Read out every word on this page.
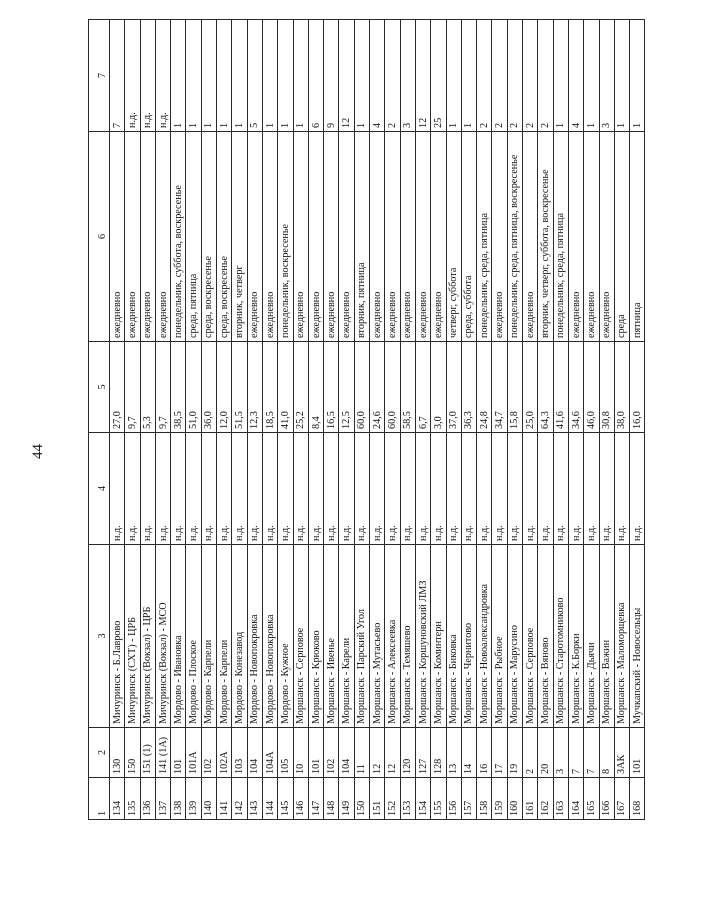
44
1	2	3	4	5	6	7
134	130	Мичуринск - Б.Лаврово	н.д.	27,0	ежедневно	7
135	150	Мичуринск (СХТ) - ЦРБ	н.д.	9,7	ежедневно	н.д.
136	151 (1)	Мичуринск (Вокзал) - ЦРБ	н.д.	5,3	ежедневно	н.д.
137	141 (1А)	Мичуринск (Вокзал) - МСО	н.д.	9,7	ежедневно	н.д.
138	101	Мордово - Ивановка	н.д.	38,5	понедельник, суббота, воскресенье	1
139	101А	Мордово - Плоское	н.д.	51,0	среда, пятница	1
140	102	Мордово - Карпели	н.д.	36,0	среда, воскресенье	1
141	102А	Мордово - Карпели	н.д.	12,0	среда, воскресенье	1
142	103	Мордово - Конезавод	н.д.	51,5	вторник, четверг	1
143	104	Мордово - Новопокровка	н.д.	12,3	ежедневно	5
144	104А	Мордово - Новопокровка	н.д.	18,5	ежедневно	1
145	105	Мордово - Кужное	н.д.	41,0	понедельник, воскресенье	1
146	10	Моршанск - Серповое	н.д.	25,2	ежедневно	1
147	101	Моршанск - Крюково	н.д.	8,4	ежедневно	6
148	102	Моршанск - Ивенье	н.д.	16,5	ежедневно	9
149	104	Моршанск - Карели	н.д.	12,5	ежедневно	12
150	11	Моршанск - Парский Угол	н.д.	60,0	вторник, пятница	1
151	12	Моршанск - Мутасьево	н.д.	24,6	ежедневно	4
152	12	Моршанск - Алексеевка	н.д.	60,0	ежедневно	2
153	120	Моршанск - Темяшево	н.д.	58,5	ежедневно	3
154	127	Моршанск - Коршуновский ЛМЗ	н.д.	6,7	ежедневно	12
155	128	Моршанск - Коминтерн	н.д.	3,0	ежедневно	25
156	13	Моршанск - Биковка	н.д.	37,0	четверг, суббота	1
157	14	Моршанск - Чернитово	н.д.	36,3	среда, суббота	1
158	16	Моршанск - Новоалександровка	н.д.	24,8	понедельник, среда, пятница	2
159	17	Моршанск - Рыбное	н.д.	34,7	ежедневно	2
160	19	Моршанск - Марусино	н.д.	15,8	понедельник, среда, пятница, воскресенье	2
161	2	Моршанск - Серповое	н.д.	25,0	ежедневно	2
162	20	Моршанск - Вяново	н.д.	64,3	вторник, четверг, суббота, воскресенье	2
163	3	Моршанск - Старотомниково	н.д.	41,6	понедельник, среда, пятница	1
164	7	Моршанск - К.Борки	н.д.	34,6	ежедневно	4
165	7	Моршанск - Дьячи	н.д.	46,0	ежедневно	1
166	8	Моршанск - Важин	н.д.	30,8	ежедневно	3
167	ЗАК	Моршанск - Маломорщевка	н.д.	38,0	среда	1
168	101	Мучкапский - Новосельцы	н.д.	16,0	пятница	1
